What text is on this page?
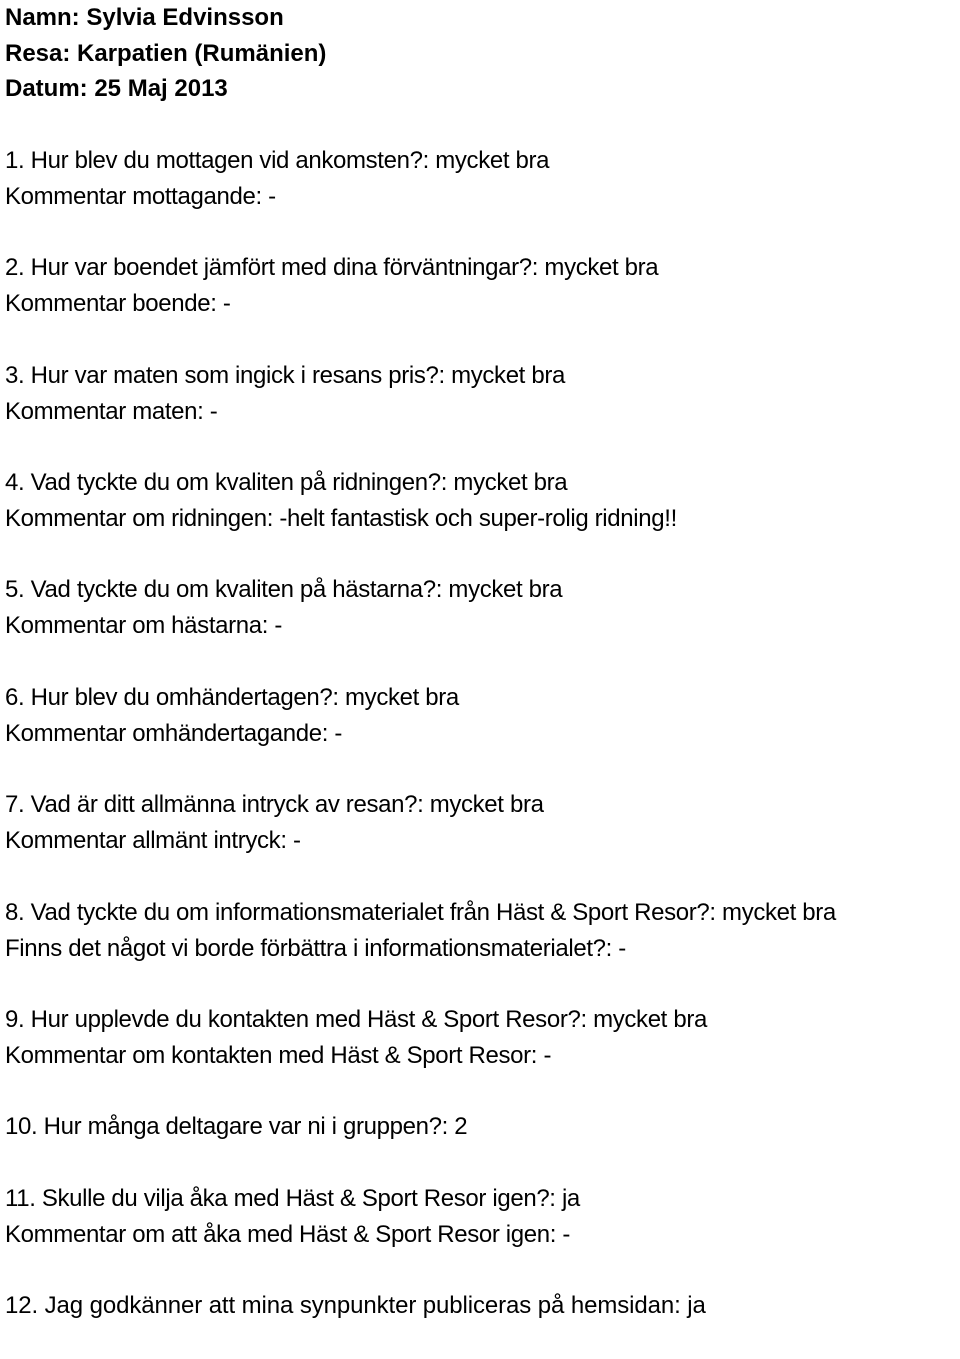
Namn: Sylvia Edvinsson
Resa: Karpatien (Rumänien)
Datum: 25 Maj 2013
1. Hur blev du mottagen vid ankomsten?: mycket bra
Kommentar mottagande: -
2. Hur var boendet jämfört med dina förväntningar?: mycket bra
Kommentar boende: -
3. Hur var maten som ingick i resans pris?: mycket bra
Kommentar maten: -
4. Vad tyckte du om kvaliten på ridningen?: mycket bra
Kommentar om ridningen: -helt fantastisk och super-rolig ridning!!
5. Vad tyckte du om kvaliten på hästarna?: mycket bra
Kommentar om hästarna: -
6. Hur blev du omhändertagen?: mycket bra
Kommentar omhändertagande: -
7. Vad är ditt allmänna intryck av resan?: mycket bra
Kommentar allmänt intryck: -
8. Vad tyckte du om informationsmaterialet från Häst & Sport Resor?: mycket bra
Finns det något vi borde förbättra i informationsmaterialet?: -
9. Hur upplevde du kontakten med Häst & Sport Resor?: mycket bra
Kommentar om kontakten med Häst & Sport Resor: -
10. Hur många deltagare var ni i gruppen?: 2
11. Skulle du vilja åka med Häst & Sport Resor igen?: ja
Kommentar om att åka med Häst & Sport Resor igen: -
12. Jag godkänner att mina synpunkter publiceras på hemsidan: ja
